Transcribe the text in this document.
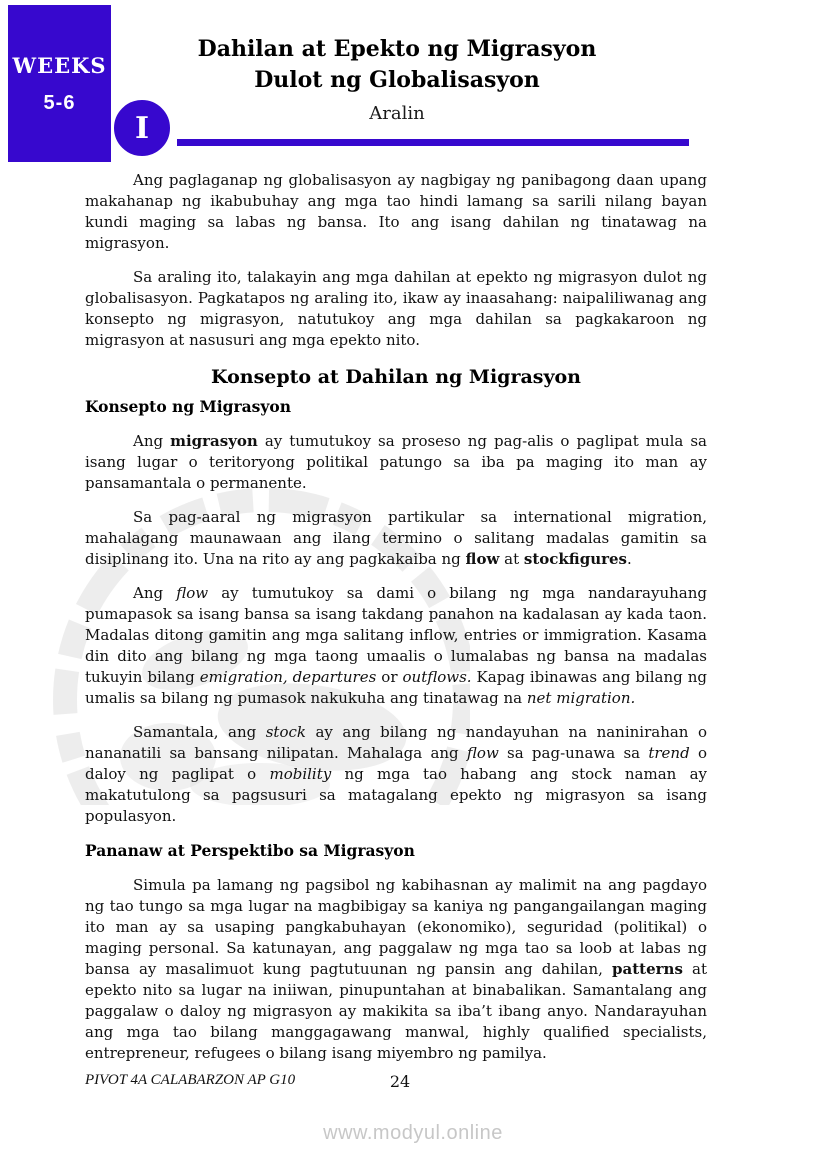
WEEKS
5-6
I
Dahilan at Epekto ng Migrasyon
Dulot ng Globalisasyon
Aralin

Ang paglaganap ng globalisasyon ay nagbigay ng panibagong daan upang makahanap ng ikabubuhay ang mga tao hindi lamang sa sarili nilang bayan kundi maging sa labas ng bansa. Ito ang isang dahilan ng tinatawag na migrasyon.

Sa araling ito, talakayin ang mga dahilan at epekto ng migrasyon dulot ng globalisasyon. Pagkatapos ng araling ito, ikaw ay inaasahang: naipaliliwanag ang konsepto ng migrasyon, natutukoy ang mga dahilan sa pagkakaroon ng migrasyon at nasusuri ang mga epekto nito.

Konsepto at Dahilan ng Migrasyon
Konsepto ng Migrasyon

Ang migrasyon ay tumutukoy sa proseso ng pag-alis o paglipat mula sa isang lugar o teritoryong politikal patungo sa iba pa maging ito man ay pansamantala o permanente.

Sa pag-aaral ng migrasyon partikular sa international migration, mahalagang maunawaan ang ilang termino o salitang madalas gamitin sa disiplinang ito. Una na rito ay ang pagkakaiba ng flow at stockfigures.

Ang flow ay tumutukoy sa dami o bilang ng mga nandarayuhang pumapasok sa isang bansa sa isang takdang panahon na kadalasan ay kada taon. Madalas ditong gamitin ang mga salitang inflow, entries or immigration. Kasama din dito ang bilang ng mga taong umaalis o lumalabas ng bansa na madalas tukuyin bilang emigration, departures or outflows. Kapag ibinawas ang bilang ng umalis sa bilang ng pumasok nakukuha ang tinatawag na net migration.

Samantala, ang stock ay ang bilang ng nandayuhan na naninirahan o nananatili sa bansang nilipatan. Mahalaga ang flow sa pag-unawa sa trend o daloy ng paglipat o mobility ng mga tao habang ang stock naman ay makatutulong sa pagsusuri sa matagalang epekto ng migrasyon sa isang populasyon.

Pananaw at Perspektibo sa Migrasyon

Simula pa lamang ng pagsibol ng kabihasnan ay malimit na ang pagdayo ng tao tungo sa mga lugar na magbibigay sa kaniya ng pangangailangan maging ito man ay sa usaping pangkabuhayan (ekonomiko), seguridad (politikal) o maging personal. Sa katunayan, ang paggalaw ng mga tao sa loob at labas ng bansa ay masalimuot kung pagtutuunan ng pansin ang dahilan, patterns at epekto nito sa lugar na iniiwan, pinupuntahan at binabalikan. Samantalang ang paggalaw o daloy ng migrasyon ay makikita sa iba’t ibang anyo. Nandarayuhan ang mga tao bilang manggagawang manwal, highly qualified specialists, entrepreneur, refugees o bilang isang miyembro ng pamilya.

PIVOT 4A CALABARZON AP G10	24
www.modyul.online
